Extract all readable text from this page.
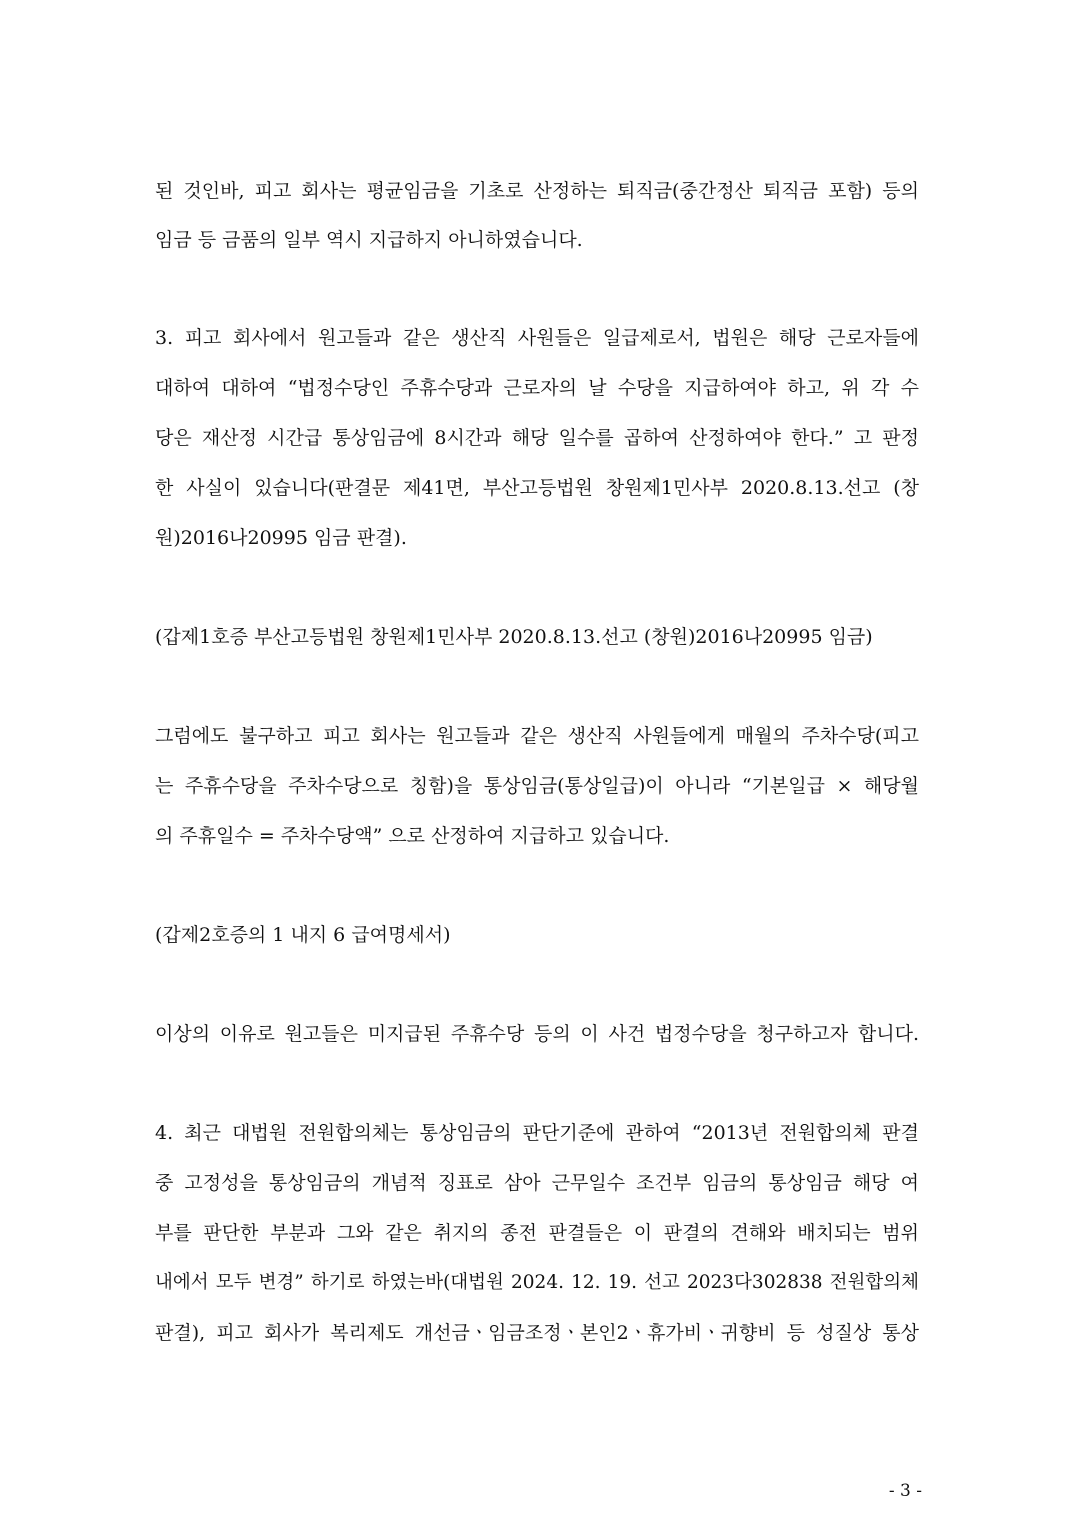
된 것인바, 피고 회사는 평균임금을 기초로 산정하는 퇴직금(중간정산 퇴직금 포함) 등의
임금 등 금품의 일부 역시 지급하지 아니하였습니다.
3. 피고 회사에서 원고들과 같은 생산직 사원들은 일급제로서, 법원은 해당 근로자들에
대하여 대하여 “법정수당인 주휴수당과 근로자의 날 수당을 지급하여야 하고, 위 각 수
당은 재산정 시간급 통상임금에 8시간과 해당 일수를 곱하여 산정하여야 한다.” 고 판정
한 사실이 있습니다(판결문 제41면, 부산고등법원 창원제1민사부 2020.8.13.선고 (창
원)2016나20995 임금 판결).
(갑제1호증 부산고등법원 창원제1민사부 2020.8.13.선고 (창원)2016나20995 임금)
그럼에도 불구하고 피고 회사는 원고들과 같은 생산직 사원들에게 매월의 주차수당(피고
는 주휴수당을 주차수당으로 칭함)을 통상임금(통상일급)이 아니라 “기본일급 × 해당월
의 주휴일수 = 주차수당액” 으로 산정하여 지급하고 있습니다.
(갑제2호증의 1 내지 6 급여명세서)
이상의 이유로 원고들은 미지급된 주휴수당 등의 이 사건 법정수당을 청구하고자 합니다.
4. 최근 대법원 전원합의체는 통상임금의 판단기준에 관하여 “2013년 전원합의체 판결
중 고정성을 통상임금의 개념적 징표로 삼아 근무일수 조건부 임금의 통상임금 해당 여
부를 판단한 부분과 그와 같은 취지의 종전 판결들은 이 판결의 견해와 배치되는 범위
내에서 모두 변경” 하기로 하였는바(대법원 2024. 12. 19. 선고 2023다302838 전원합의체
판결), 피고 회사가 복리제도 개선금ㆍ임금조정ㆍ본인2ㆍ휴가비ㆍ귀향비 등 성질상 통상
- 3 -
